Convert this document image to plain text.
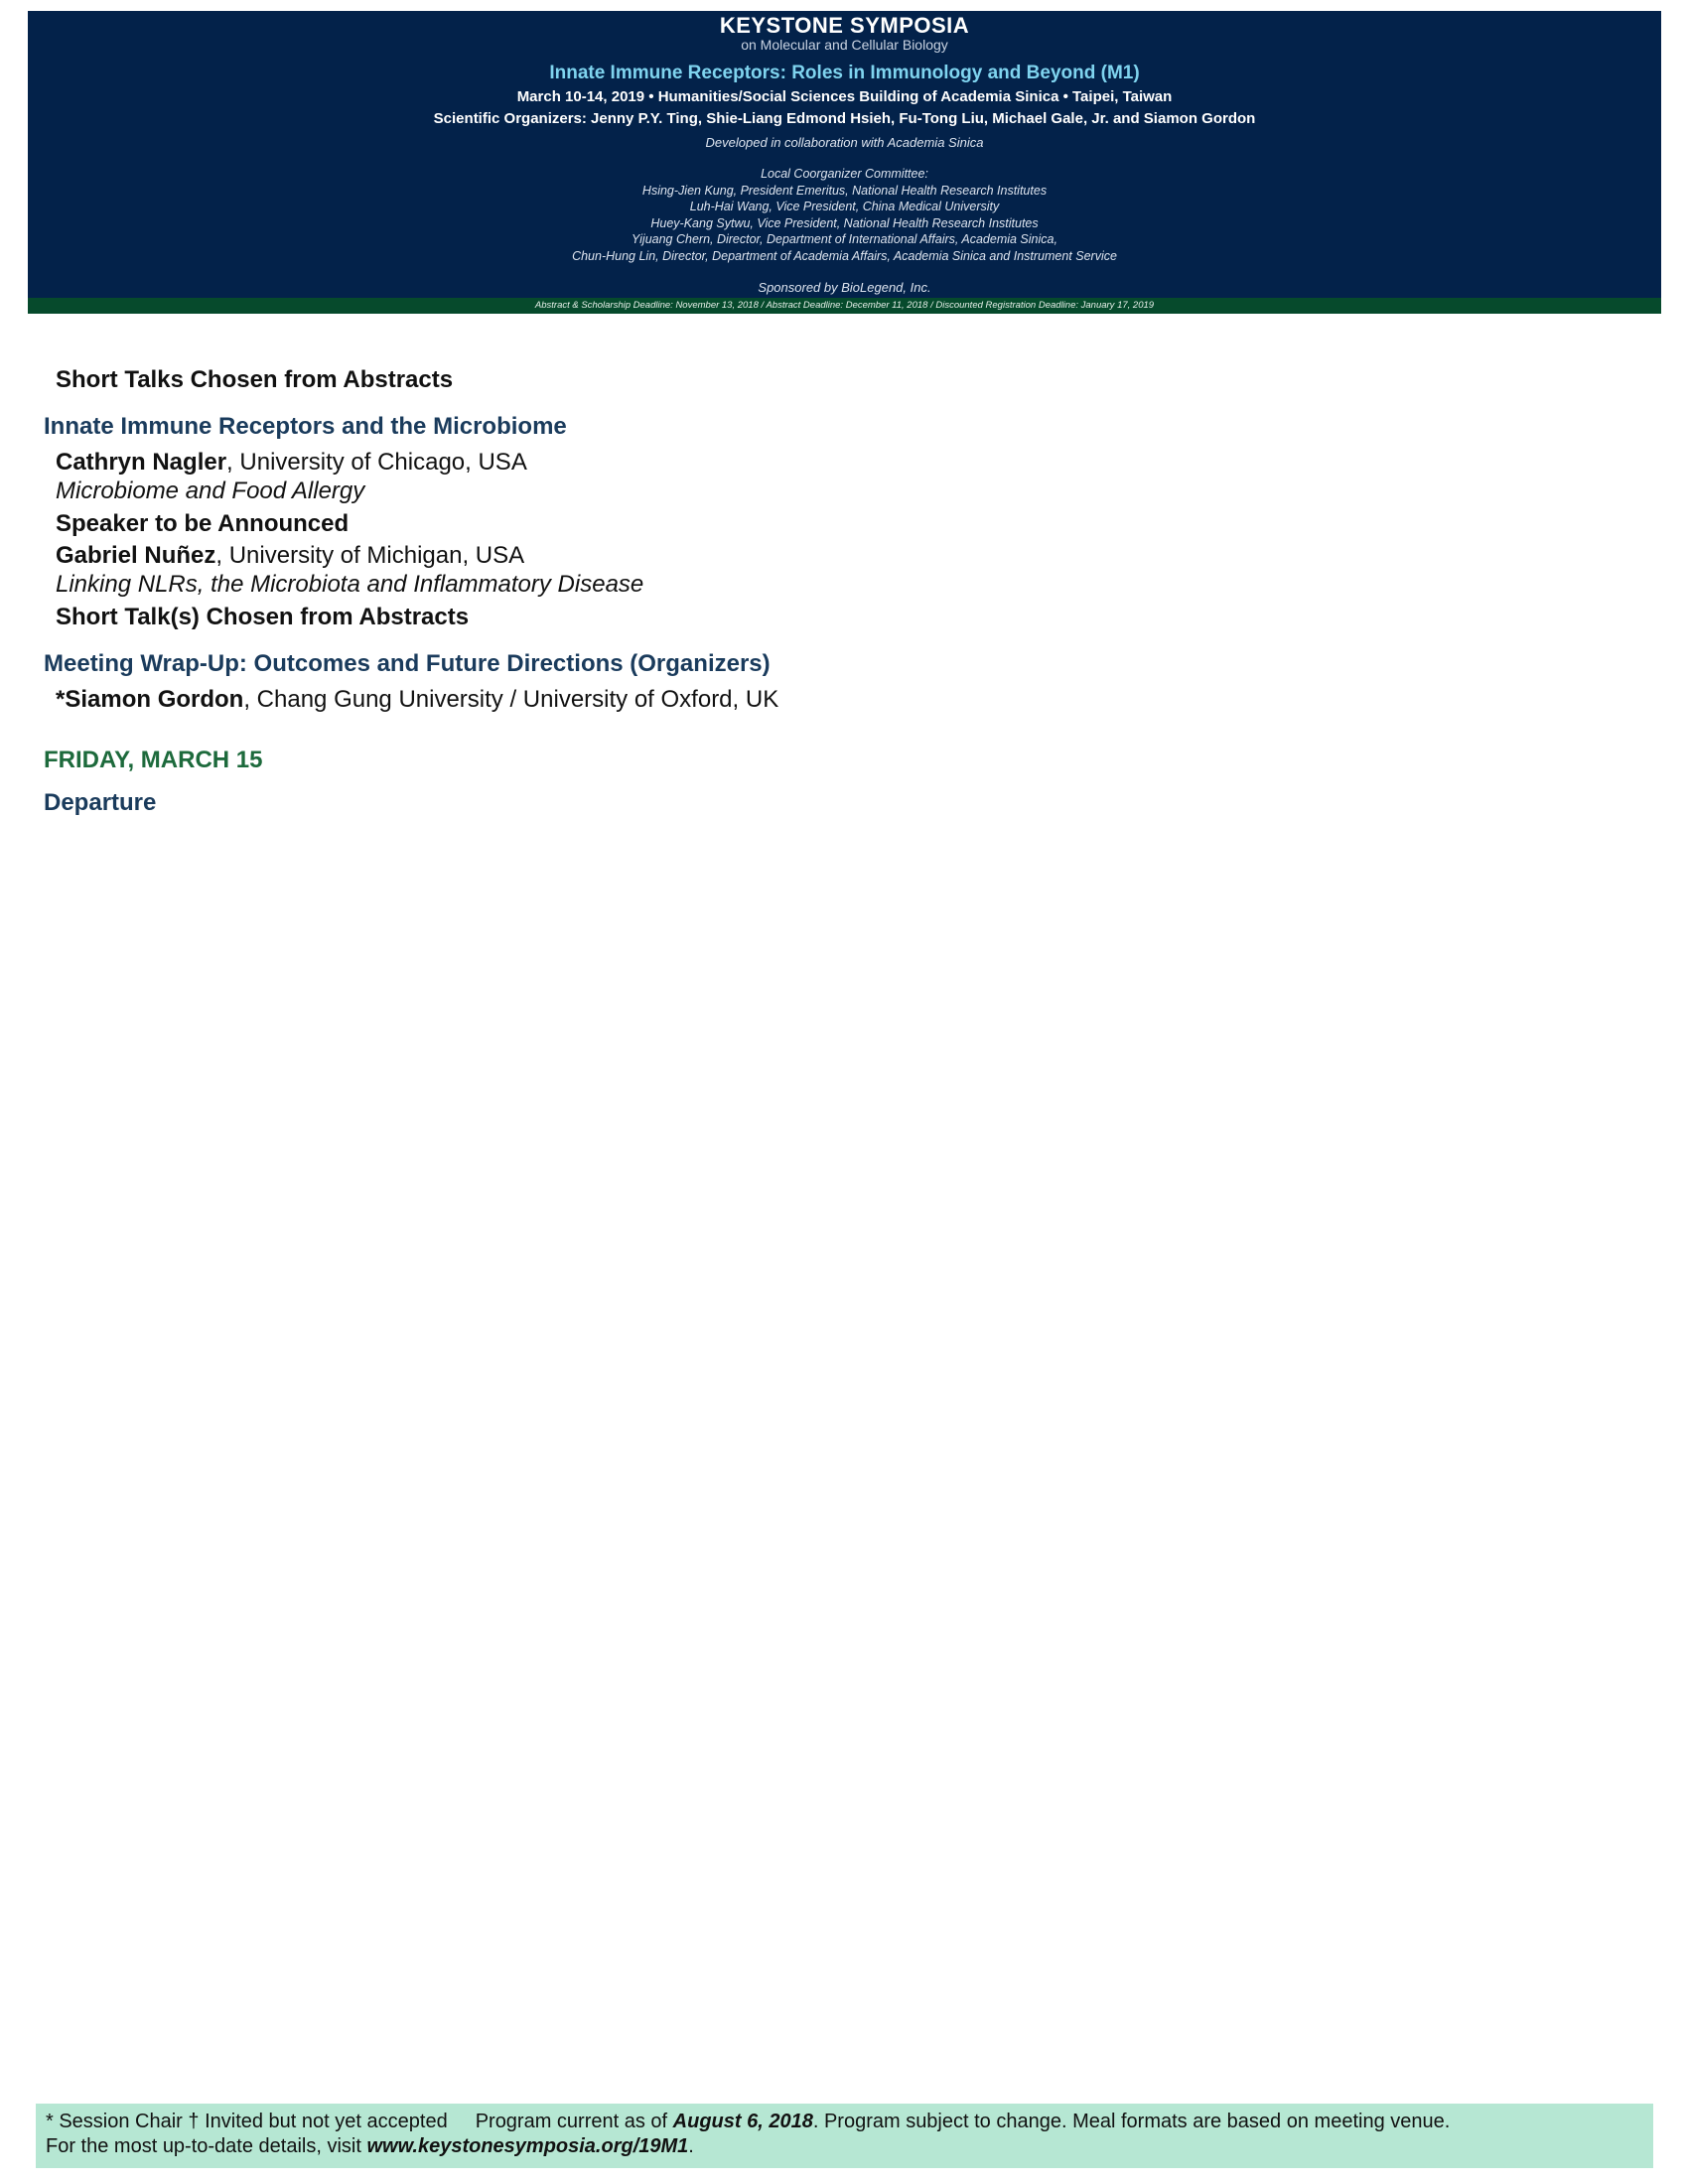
KEYSTONE SYMPOSIA
on Molecular and Cellular Biology
Innate Immune Receptors: Roles in Immunology and Beyond (M1)
March 10-14, 2019 • Humanities/Social Sciences Building of Academia Sinica • Taipei, Taiwan
Scientific Organizers: Jenny P.Y. Ting, Shie-Liang Edmond Hsieh, Fu-Tong Liu, Michael Gale, Jr. and Siamon Gordon
Developed in collaboration with Academia Sinica
Local Coorganizer Committee:
Hsing-Jien Kung, President Emeritus, National Health Research Institutes
Luh-Hai Wang, Vice President, China Medical University
Huey-Kang Sytwu, Vice President, National Health Research Institutes
Yijuang Chern, Director, Department of International Affairs, Academia Sinica,
Chun-Hung Lin, Director, Department of Academia Affairs, Academia Sinica and Instrument Service
Sponsored by BioLegend, Inc.
Abstract & Scholarship Deadline: November 13, 2018 / Abstract Deadline: December 11, 2018 / Discounted Registration Deadline: January 17, 2019
Short Talks Chosen from Abstracts
Innate Immune Receptors and the Microbiome
Cathryn Nagler, University of Chicago, USA
Microbiome and Food Allergy
Speaker to be Announced
Gabriel Nuñez, University of Michigan, USA
Linking NLRs, the Microbiota and Inflammatory Disease
Short Talk(s) Chosen from Abstracts
Meeting Wrap-Up: Outcomes and Future Directions (Organizers)
*Siamon Gordon, Chang Gung University / University of Oxford, UK
FRIDAY, MARCH 15
Departure
* Session Chair † Invited but not yet accepted Program current as of August 6, 2018. Program subject to change. Meal formats are based on meeting venue.
For the most up-to-date details, visit www.keystonesymposia.org/19M1.
